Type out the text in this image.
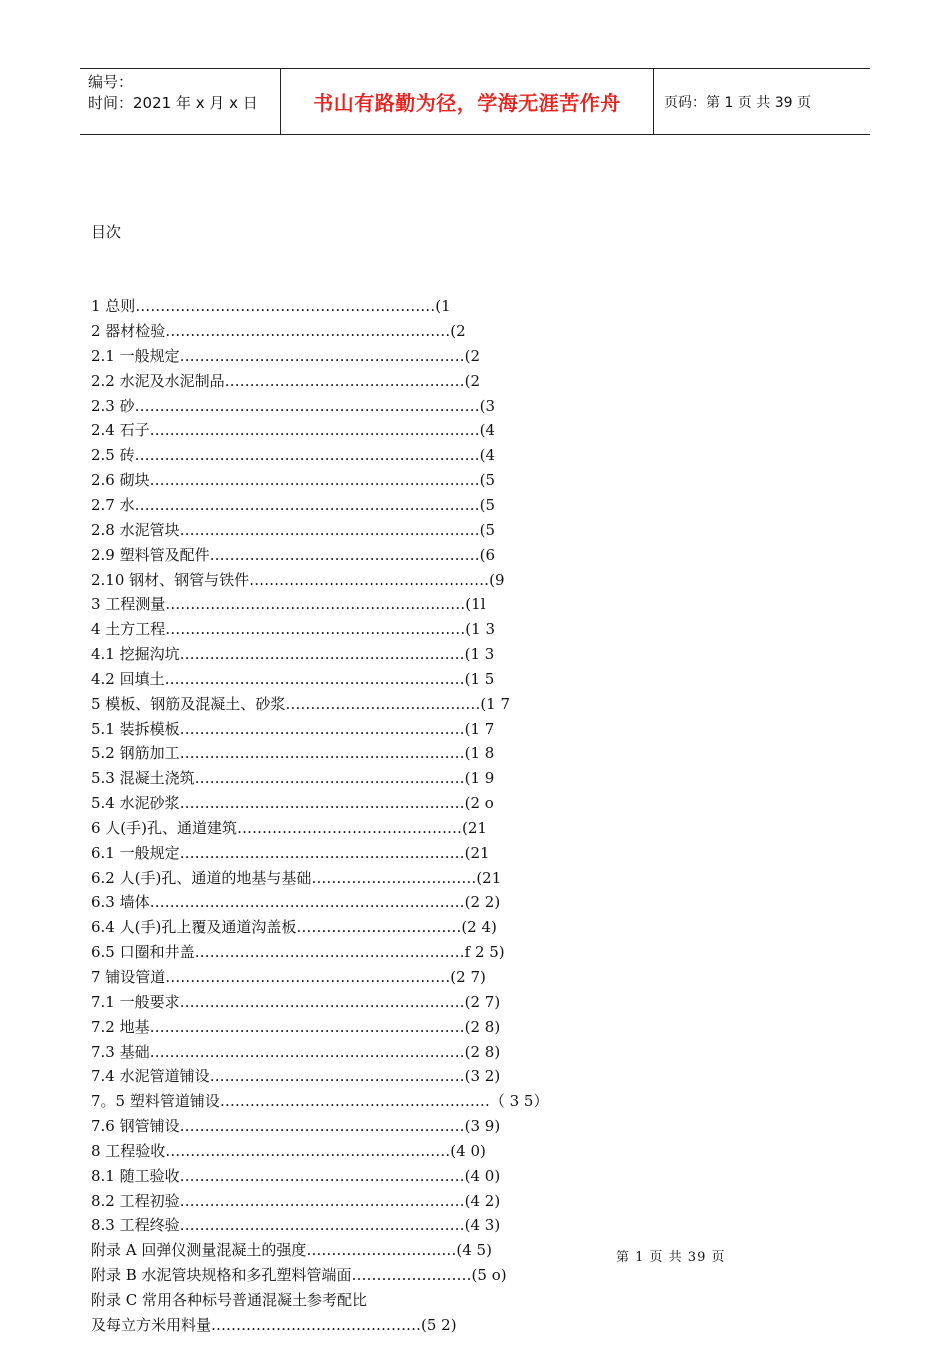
编号：
时间：2021 年 x 月 x 日	书山有路勤为径，学海无涯苦作舟	页码：第 1 页 共 39 页

目次

1 总则……………………………………………………(1
2 器材检验…………………………………………………(2
2.1 一般规定…………………………………………………(2
2.2 水泥及水泥制品…………………………………………(2
2.3 砂……………………………………………………………(3
2.4 石子…………………………………………………………(4
2.5 砖……………………………………………………………(4
2.6 砌块…………………………………………………………(5
2.7 水……………………………………………………………(5
2.8 水泥管块……………………………………………………(5
2.9 塑料管及配件………………………………………………(6
2.10 钢材、钢管与铁件…………………………………………(9
3 工程测量……………………………………………………(1l
4 土方工程……………………………………………………(1 3
4.1 挖掘沟坑…………………………………………………(1 3
4.2 回填土……………………………………………………(1 5
5 模板、钢筋及混凝土、砂浆…………………………………(1 7
5.1 装拆模板…………………………………………………(1 7
5.2 钢筋加工…………………………………………………(1 8
5.3 混凝土浇筑………………………………………………(1 9
5.4 水泥砂浆…………………………………………………(2 o
6 人(手)孔、通道建筑………………………………………(21
6.1 一般规定…………………………………………………(21
6.2 人(手)孔、通道的地基与基础……………………………(21
6.3 墙体………………………………………………………(2 2)
6.4 人(手)孔上覆及通道沟盖板……………………………(2 4)
6.5 口圈和井盖………………………………………………f 2 5)
7 铺设管道…………………………………………………(2 7)
7.1 一般要求…………………………………………………(2 7)
7.2 地基………………………………………………………(2 8)
7.3 基础………………………………………………………(2 8)
7.4 水泥管道铺设……………………………………………(3 2)
7。5 塑料管道铺设………………………………………………（ 3 5）
7.6 钢管铺设…………………………………………………(3 9)
8 工程验收…………………………………………………(4 0)
8.1 随工验收…………………………………………………(4 0)
8.2 工程初验…………………………………………………(4 2)
8.3 工程终验…………………………………………………(4 3)
附录 A 回弹仪测量混凝土的强度…………………………(4 5)
附录 B 水泥管块规格和多孔塑料管端面……………………(5 o)
附录 C 常用各种标号普通混凝土参考配比
及每立方米用料量……………………………………(5 2)

第 1 页 共 39 页
